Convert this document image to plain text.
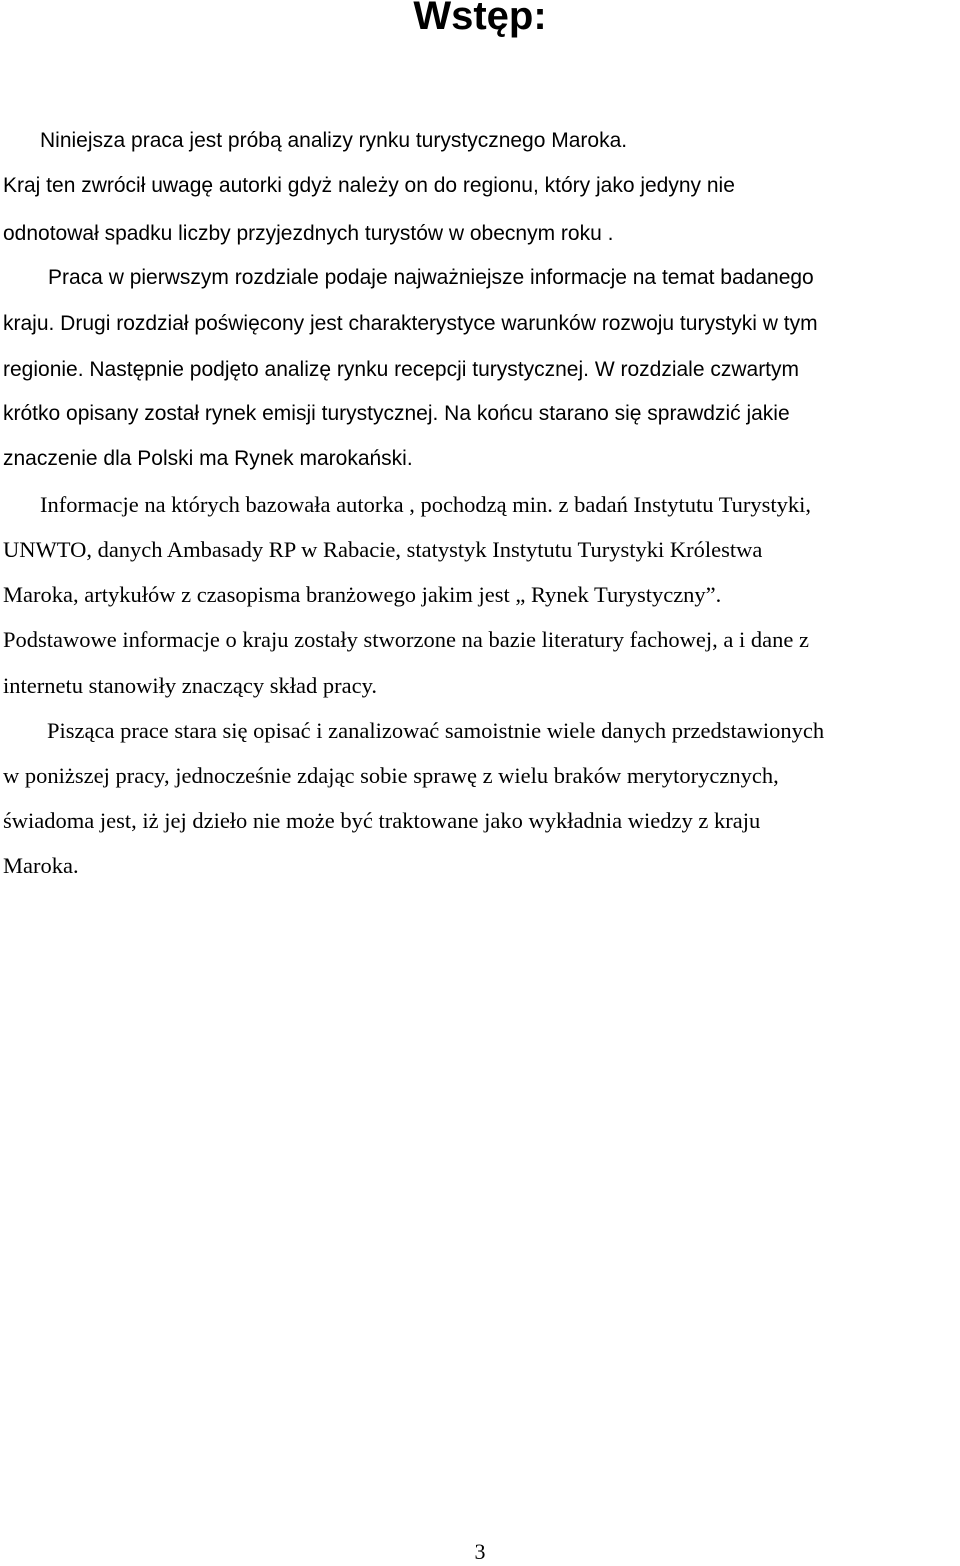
Wstęp:
Niniejsza praca jest próbą analizy rynku turystycznego Maroka.
Kraj ten zwrócił uwagę autorki gdyż należy on do regionu, który jako jedyny nie
odnotował spadku liczby przyjezdnych turystów w obecnym roku .
Praca w pierwszym rozdziale podaje najważniejsze informacje na temat badanego
kraju. Drugi rozdział poświęcony jest charakterystyce warunków rozwoju turystyki w tym
regionie. Następnie podjęto analizę rynku recepcji turystycznej. W rozdziale czwartym
krótko opisany został rynek emisji turystycznej. Na końcu starano się sprawdzić jakie
znaczenie dla Polski ma Rynek marokański.
Informacje na których bazowała autorka , pochodzą min. z badań Instytutu Turystyki,
UNWTO, danych Ambasady RP w Rabacie, statystyk Instytutu Turystyki Królestwa
Maroka, artykułów z czasopisma branżowego jakim jest „ Rynek Turystyczny”.
Podstawowe informacje o kraju zostały stworzone na bazie literatury fachowej, a i dane z
internetu stanowiły znaczący skład pracy.
Pisząca prace stara się opisać i zanalizować samoistnie wiele danych przedstawionych
w poniższej pracy, jednocześnie zdając sobie sprawę z wielu braków merytorycznych,
świadoma jest, iż jej dzieło nie może być traktowane jako wykładnia wiedzy z kraju
Maroka.
3
